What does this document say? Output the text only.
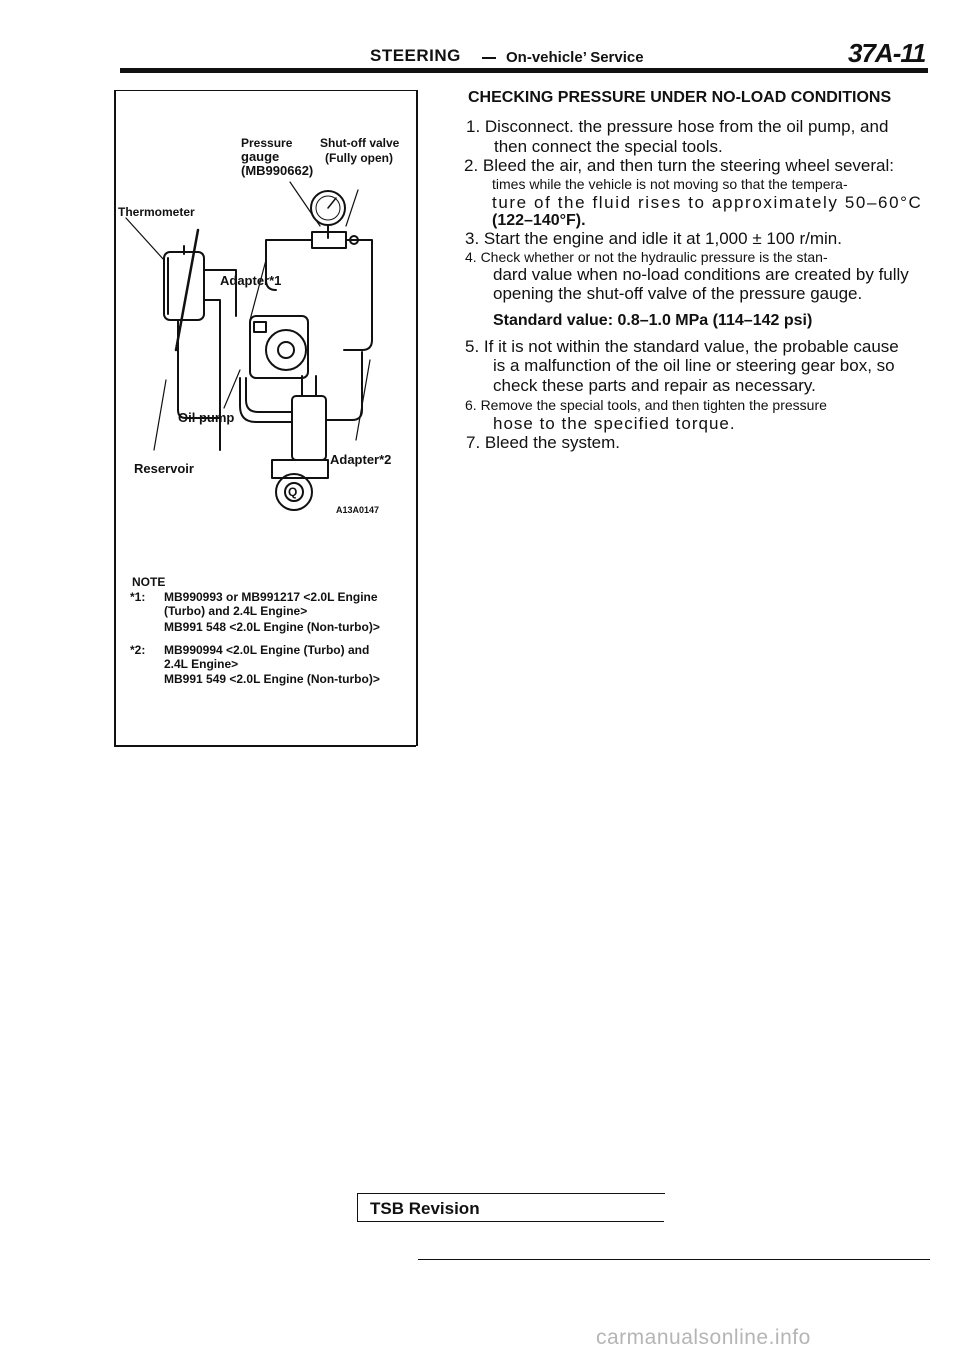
STEERING	On-vehicle’ Service	37A-11
Q
Pressure
gauge
(MB990662)
Shut-off valve
(Fully open)
Thermometer
Adapter*1
Oil pump
Adapter*2
Reservoir
A13A0147
NOTE
*1: MB990993 or MB991217 <2.0L Engine
(Turbo) and 2.4L Engine>
MB991 548 <2.0L Engine (Non-turbo)>
*2: MB990994 <2.0L Engine (Turbo) and
2.4L Engine>
MB991 549 <2.0L Engine (Non-turbo)>
CHECKING PRESSURE UNDER NO-LOAD CONDITIONS
1. Disconnect. the pressure hose from the oil pump, and
then connect the special tools.
2. Bleed the air, and then turn the steering wheel several:
times while the vehicle is not moving so that the tempera-
ture of the fluid rises to approximately 50–60°C
(122–140°F).
3. Start the engine and idle it at 1,000 ± 100 r/min.
4. Check whether or not the hydraulic pressure is the stan-
dard value when no-load conditions are created by fully
opening the shut-off valve of the pressure gauge.
Standard value: 0.8–1.0 MPa (114–142 psi)
5. If it is not within the standard value, the probable cause
is a malfunction of the oil line or steering gear box, so
check these parts and repair as necessary.
6. Remove the special tools, and then tighten the pressure
hose to the specified torque.
7. Bleed the system.
TSB Revision
carmanualsonline.info
